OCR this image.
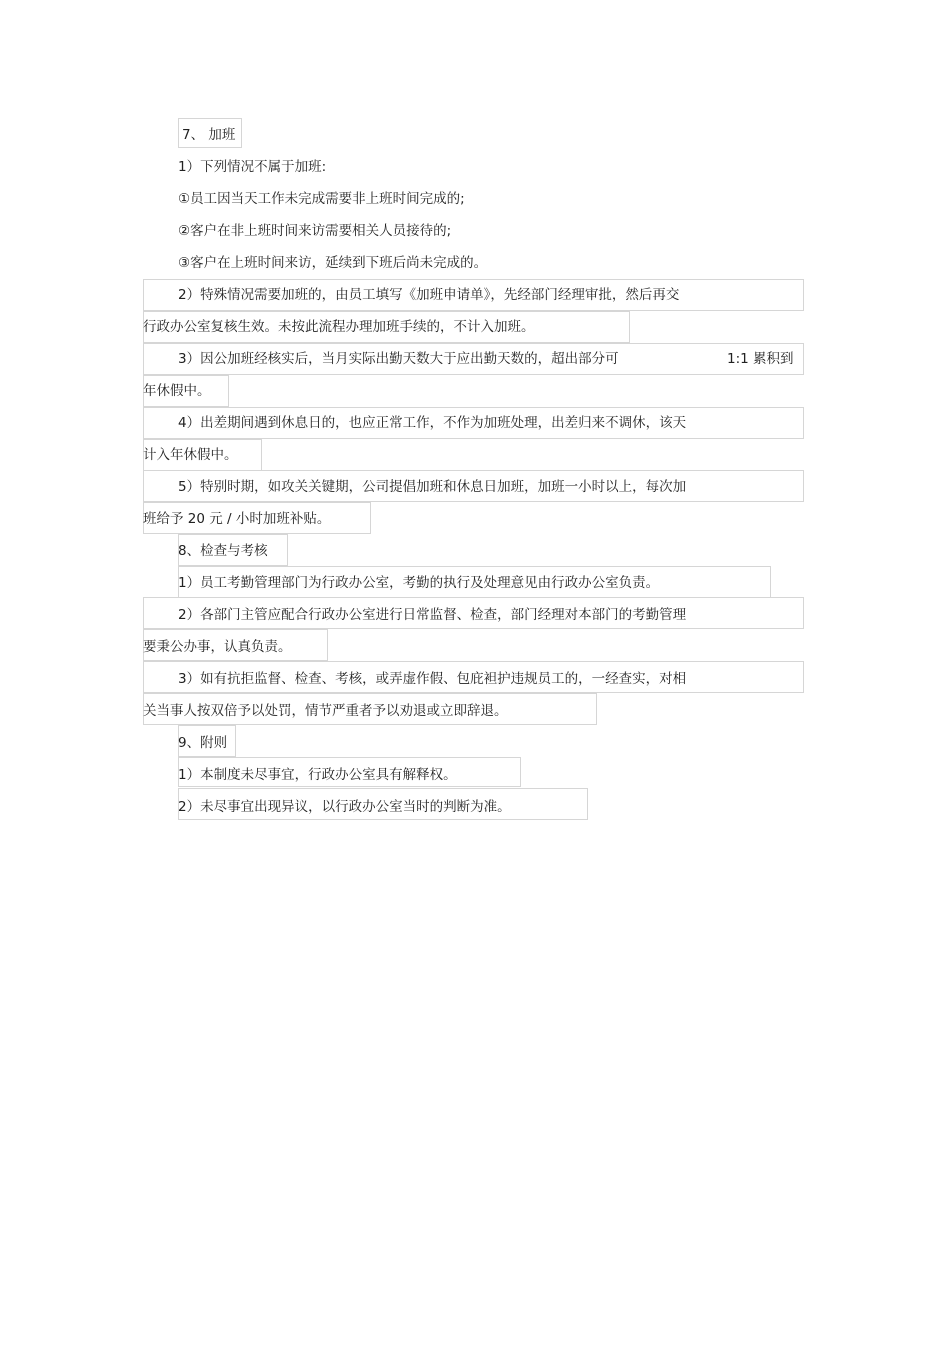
7、 加班
1）下列情况不属于加班:
①员工因当天工作未完成需要非上班时间完成的;
②客户在非上班时间来访需要相关人员接待的;
③客户在上班时间来访，延续到下班后尚未完成的。
2）特殊情况需要加班的，由员工填写《加班申请单》，先经部门经理审批，然后再交
行政办公室复核生效。未按此流程办理加班手续的，不计入加班。
3）因公加班经核实后，当月实际出勤天数大于应出勤天数的，超出部分可	1:1 累积到
年休假中。
4）出差期间遇到休息日的，也应正常工作，不作为加班处理，出差归来不调休，该天
计入年休假中。
5）特别时期，如攻关关键期，公司提倡加班和休息日加班，加班一小时以上，每次加
班给予 20 元 / 小时加班补贴。
8、检查与考核
1）员工考勤管理部门为行政办公室，考勤的执行及处理意见由行政办公室负责。
2）各部门主管应配合行政办公室进行日常监督、检查，部门经理对本部门的考勤管理
要秉公办事，认真负责。
3）如有抗拒监督、检查、考核，或弄虚作假、包庇袒护违规员工的，一经查实，对相
关当事人按双倍予以处罚，情节严重者予以劝退或立即辞退。
9、附则
1）本制度未尽事宜，行政办公室具有解释权。
2）未尽事宜出现异议，以行政办公室当时的判断为准。
